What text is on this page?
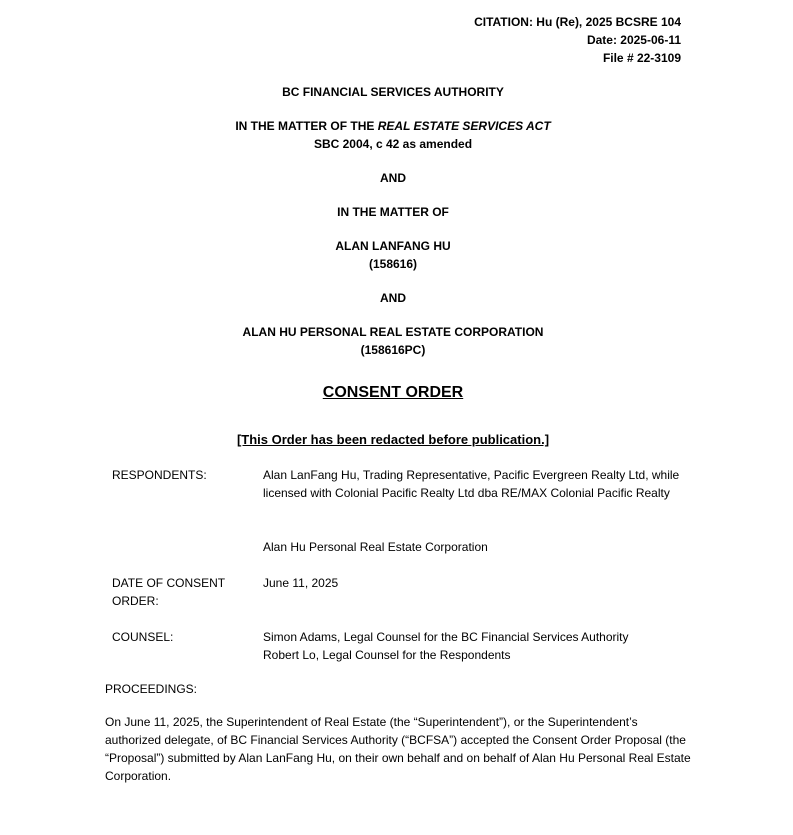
CITATION: Hu (Re), 2025 BCSRE 104
Date: 2025-06-11
File # 22-3109
BC FINANCIAL SERVICES AUTHORITY
IN THE MATTER OF THE REAL ESTATE SERVICES ACT
SBC 2004, c 42 as amended
AND
IN THE MATTER OF
ALAN LANFANG HU
(158616)
AND
ALAN HU PERSONAL REAL ESTATE CORPORATION
(158616PC)
CONSENT ORDER
[This Order has been redacted before publication.]
RESPONDENTS:	Alan LanFang Hu, Trading Representative, Pacific Evergreen Realty Ltd, while licensed with Colonial Pacific Realty Ltd dba RE/MAX Colonial Pacific Realty
Alan Hu Personal Real Estate Corporation
DATE OF CONSENT ORDER:
June 11, 2025
COUNSEL:	Simon Adams, Legal Counsel for the BC Financial Services Authority
Robert Lo, Legal Counsel for the Respondents
PROCEEDINGS:
On June 11, 2025, the Superintendent of Real Estate (the “Superintendent”), or the Superintendent’s authorized delegate, of BC Financial Services Authority (“BCFSA”) accepted the Consent Order Proposal (the “Proposal”) submitted by Alan LanFang Hu, on their own behalf and on behalf of Alan Hu Personal Real Estate Corporation.
